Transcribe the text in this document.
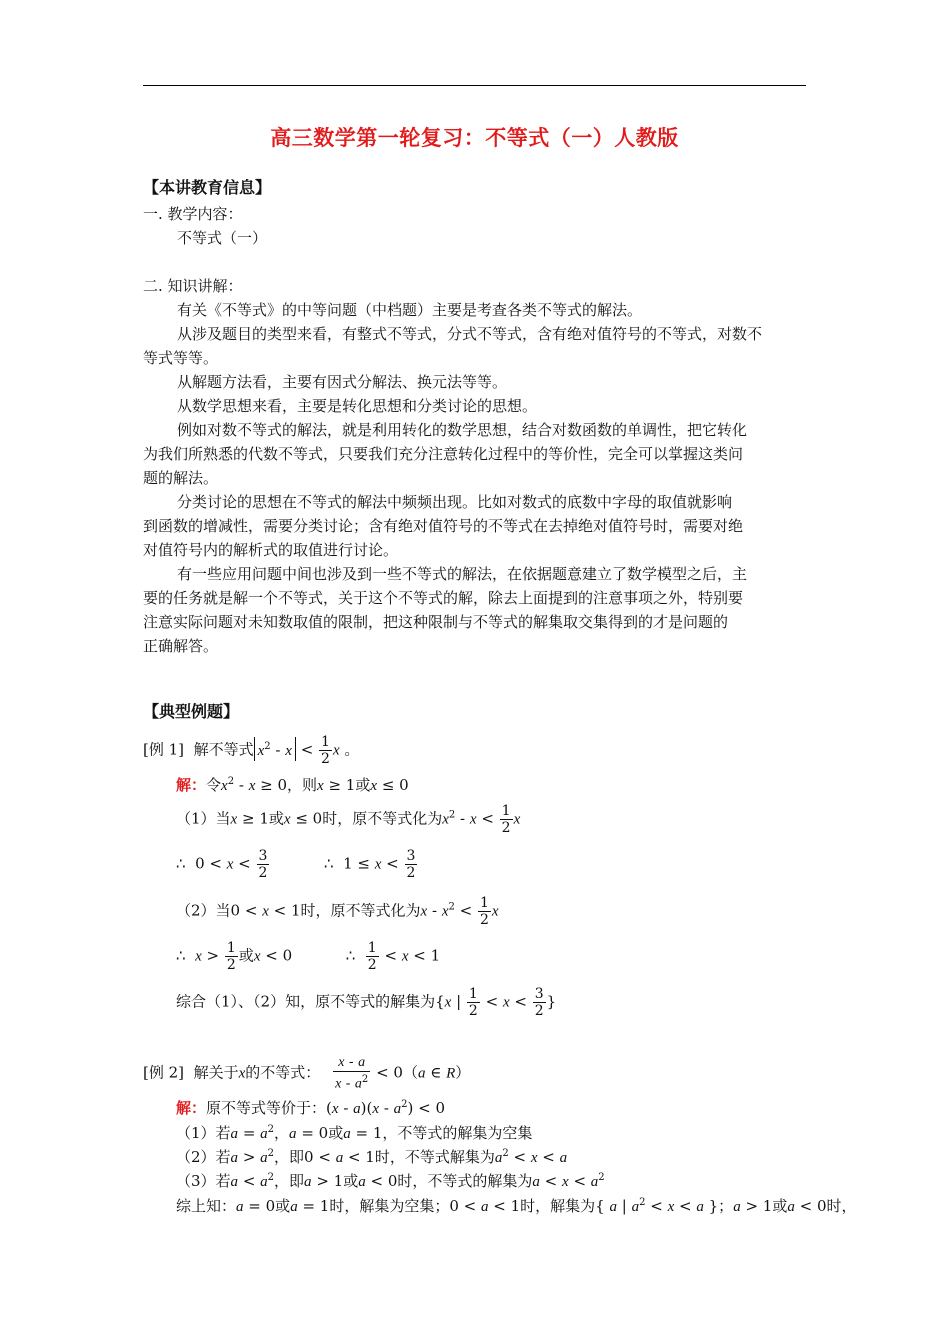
高三数学第一轮复习：不等式（一）人教版
【本讲教育信息】
一. 教学内容：
不等式（一）
二. 知识讲解：
有关《不等式》的中等问题（中档题）主要是考查各类不等式的解法。
从涉及题目的类型来看，有整式不等式，分式不等式，含有绝对值符号的不等式，对数不
等式等等。
从解题方法看，主要有因式分解法、换元法等等。
从数学思想来看，主要是转化思想和分类讨论的思想。
例如对数不等式的解法，就是利用转化的数学思想，结合对数函数的单调性，把它转化
为我们所熟悉的代数不等式，只要我们充分注意转化过程中的等价性，完全可以掌握这类问
题的解法。
分类讨论的思想在不等式的解法中频频出现。比如对数式的底数中字母的取值就影响
到函数的增减性，需要分类讨论；含有绝对值符号的不等式在去掉绝对值符号时，需要对绝
对值符号内的解析式的取值进行讨论。
有一些应用问题中间也涉及到一些不等式的解法，在依据题意建立了数学模型之后，主
要的任务就是解一个不等式，关于这个不等式的解，除去上面提到的注意事项之外，特别要
注意实际问题对未知数取值的限制，把这种限制与不等式的解集取交集得到的才是问题的
正确解答。
【典型例题】
[例 1] 解不等式 $x^2 - x < \frac{1}{2}$ x 。
解：令$x^2 - x \ge 0$，则x ≥ 1或x ≤ 0
（1）当x ≥ 1或x ≤ 0时，原不等式化为$x^2 - x < \frac{1}{2}$ x
∴  $0 < x < \frac{3}{2}$	∴  $1 \le x < \frac{3}{2}$
（2）当0 < x < 1时，原不等式化为$x - x^2 < \frac{1}{2}$ x
∴ $x > \frac{1}{2}$ 或x < 0	∴ $\frac{1}{2} < x < 1$
综合（1）、（2）知，原不等式的解集为{x | $\frac{1}{2} < x < \frac{3}{2}$ }
[例 2] 解关于x的不等式： $\frac{x - a}{x - a^2} < 0(a$ ∈ R）
解：原不等式等价于：$(x - a)(x - a^2) < 0$
（1）若$a = a^2$，a = 0或a = 1，不等式的解集为空集
（2）若$a > a^2$，即0 < a < 1时，不等式解集为$a^2 < x < a$
（3）若$a < a^2$，即a > 1或a < 0时，不等式的解集为$a < x < a^2$
综上知：a = 0或a = 1时，解集为空集；0 < a < 1时，解集为{ a | $a^2 < x < a$ }；a > 1或a < 0时，
